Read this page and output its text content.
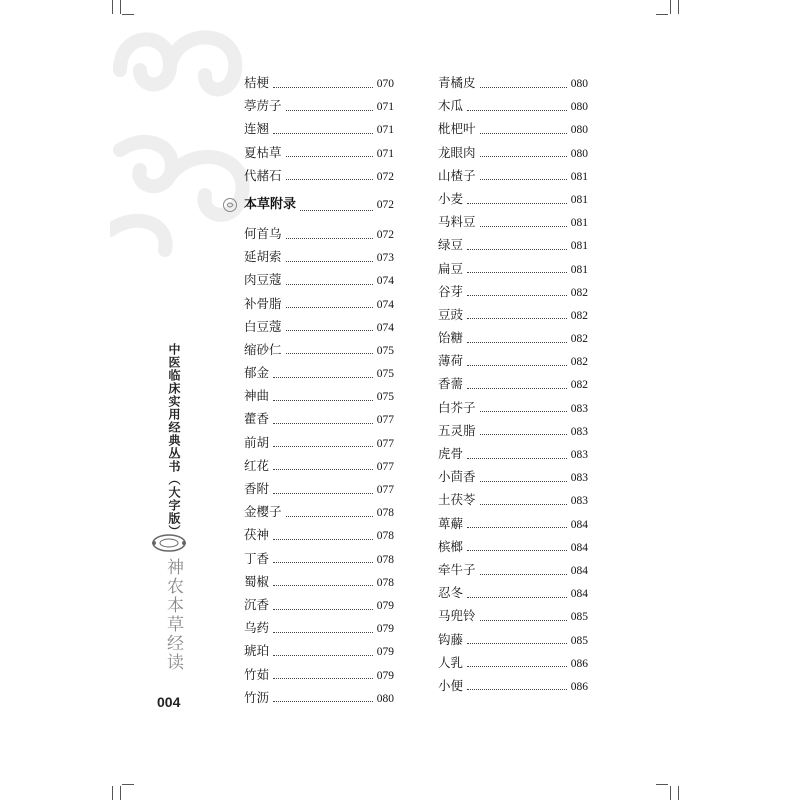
中医临床实用经典丛书（大字版）
神农本草经读
004
桔梗	070
葶苈子	071
连翘	071
夏枯草	071
代赭石	072
本草附录	072
何首乌	072
延胡索	073
肉豆蔻	074
补骨脂	074
白豆蔻	074
缩砂仁	075
郁金	075
神曲	075
藿香	077
前胡	077
红花	077
香附	077
金樱子	078
茯神	078
丁香	078
蜀椒	078
沉香	079
乌药	079
琥珀	079
竹茹	079
竹沥	080
青橘皮	080
木瓜	080
枇杷叶	080
龙眼肉	080
山楂子	081
小麦	081
马料豆	081
绿豆	081
扁豆	081
谷芽	082
豆豉	082
饴糖	082
薄荷	082
香薷	082
白芥子	083
五灵脂	083
虎骨	083
小茴香	083
土茯苓	083
萆薢	084
槟榔	084
牵牛子	084
忍冬	084
马兜铃	085
钩藤	085
人乳	086
小便	086
